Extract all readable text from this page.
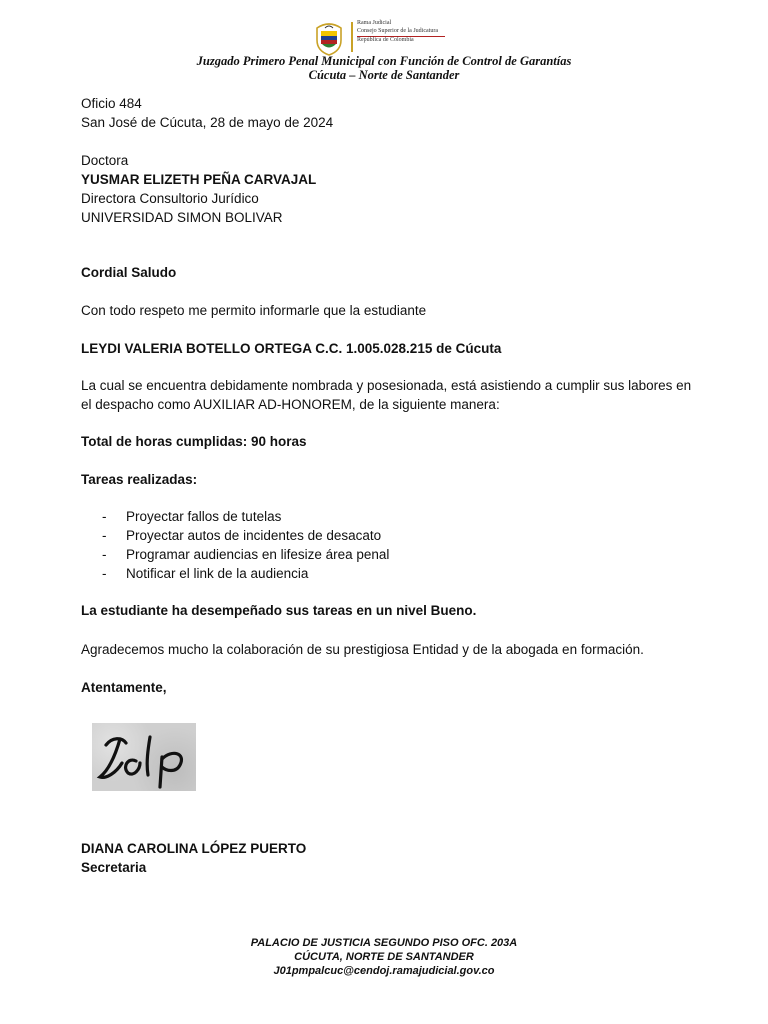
Rama Judicial
Consejo Superior de la Judicatura
República de Colombia
Juzgado Primero Penal Municipal con Función de Control de Garantías
Cúcuta – Norte de Santander
Oficio 484
San José de Cúcuta, 28 de mayo de 2024
Doctora
YUSMAR ELIZETH PEÑA CARVAJAL
Directora Consultorio Jurídico
UNIVERSIDAD SIMON BOLIVAR
Cordial Saludo
Con todo respeto me permito informarle que la estudiante
LEYDI VALERIA BOTELLO ORTEGA C.C. 1.005.028.215 de Cúcuta
La cual se encuentra debidamente nombrada y posesionada, está asistiendo a cumplir sus labores en
el despacho como AUXILIAR AD-HONOREM, de la siguiente manera:
Total de horas cumplidas: 90 horas
Tareas realizadas:
- Proyectar fallos de tutelas
- Proyectar autos de incidentes de desacato
- Programar audiencias en lifesize área penal
- Notificar el link de la audiencia
La estudiante ha desempeñado sus tareas en un nivel Bueno.
Agradecemos mucho la colaboración de su prestigiosa Entidad y de la abogada en formación.
Atentamente,
DIANA CAROLINA LÓPEZ PUERTO
Secretaria
PALACIO DE JUSTICIA SEGUNDO PISO OFC. 203A
CÚCUTA, NORTE DE SANTANDER
J01pmpalcuc@cendoj.ramajudicial.gov.co
